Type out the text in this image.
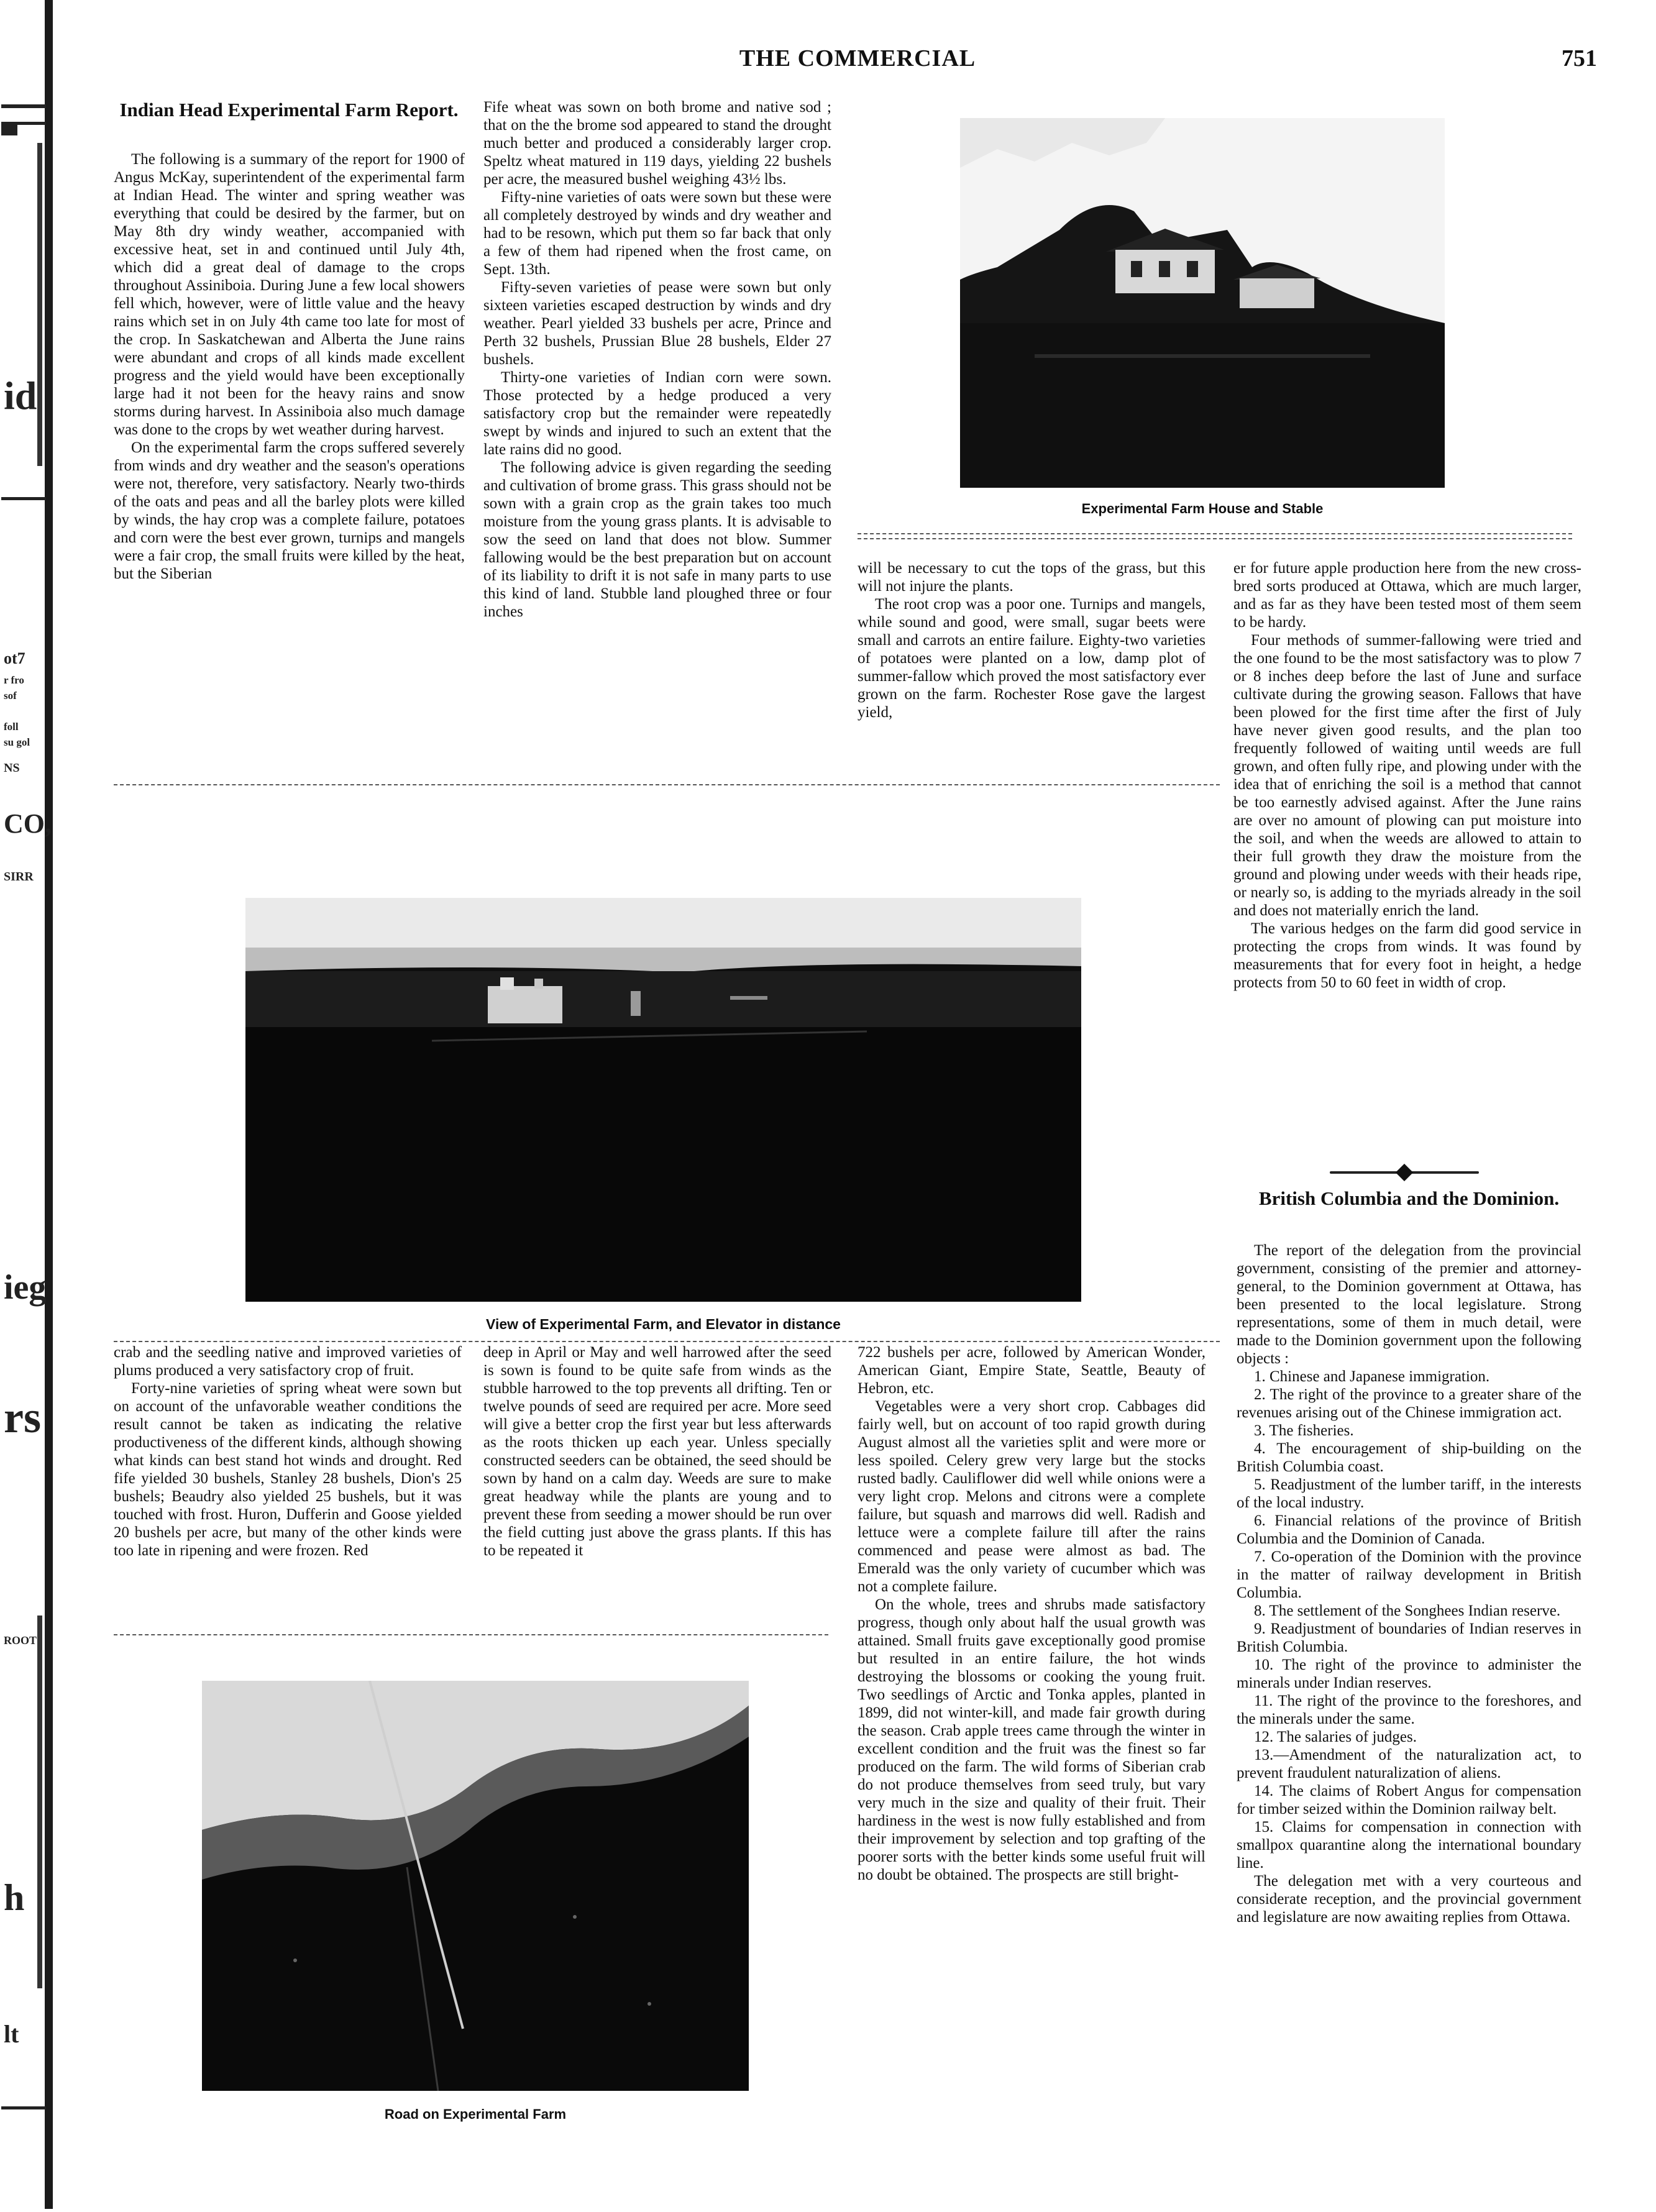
id
ot7
r fro
sof
foll
su gol
NS
CO,
SIRR
ieg
rs
ROOT
h
lt
THE COMMERCIAL	751
Indian Head Experimental Farm Report.

The following is a summary of the report for 1900 of Angus McKay, superintendent of the experimental farm at Indian Head. The winter and spring weather was everything that could be desired by the farmer, but on May 8th dry windy weather, accompanied with excessive heat, set in and continued until July 4th, which did a great deal of damage to the crops throughout Assiniboia. During June a few local showers fell which, however, were of little value and the heavy rains which set in on July 4th came too late for most of the crop. In Saskatchewan and Alberta the June rains were abundant and crops of all kinds made excellent progress and the yield would have been exceptionally large had it not been for the heavy rains and snow storms during harvest. In Assiniboia also much damage was done to the crops by wet weather during harvest.

On the experimental farm the crops suffered severely from winds and dry weather and the season's operations were not, therefore, very satisfactory. Nearly two-thirds of the oats and peas and all the barley plots were killed by winds, the hay crop was a complete failure, potatoes and corn were the best ever grown, turnips and mangels were a fair crop, the small fruits were killed by the heat, but the Siberian

Fife wheat was sown on both brome and native sod ; that on the the brome sod appeared to stand the drought much better and produced a considerably larger crop. Speltz wheat matured in 119 days, yielding 22 bushels per acre, the measured bushel weighing 43½ lbs.

Fifty-nine varieties of oats were sown but these were all completely destroyed by winds and dry weather and had to be resown, which put them so far back that only a few of them had ripened when the frost came, on Sept. 13th.

Fifty-seven varieties of pease were sown but only sixteen varieties escaped destruction by winds and dry weather. Pearl yielded 33 bushels per acre, Prince and Perth 32 bushels, Prussian Blue 28 bushels, Elder 27 bushels.

Thirty-one varieties of Indian corn were sown. Those protected by a hedge produced a very satisfactory crop but the remainder were repeatedly swept by winds and injured to such an extent that the late rains did no good.

The following advice is given regarding the seeding and cultivation of brome grass. This grass should not be sown with a grain crop as the grain takes too much moisture from the young grass plants. It is advisable to sow the seed on land that does not blow. Summer fallowing would be the best preparation but on account of its liability to drift it is not safe in many parts to use this kind of land. Stubble land ploughed three or four inches

Experimental Farm House and Stable

will be necessary to cut the tops of the grass, but this will not injure the plants.

The root crop was a poor one. Turnips and mangels, while sound and good, were small, sugar beets were small and carrots an entire failure. Eighty-two varieties of potatoes were planted on a low, damp plot of summer-fallow which proved the most satisfactory ever grown on the farm. Rochester Rose gave the largest yield,

er for future apple production here from the new cross-bred sorts produced at Ottawa, which are much larger, and as far as they have been tested most of them seem to be hardy.

Four methods of summer-fallowing were tried and the one found to be the most satisfactory was to plow 7 or 8 inches deep before the last of June and surface cultivate during the growing season. Fallows that have been plowed for the first time after the first of July have never given good results, and the plan too frequently followed of waiting until weeds are full grown, and often fully ripe, and plowing under with the idea that of enriching the soil is a method that cannot be too earnestly advised against. After the June rains are over no amount of plowing can put moisture into the soil, and when the weeds are allowed to attain to their full growth they draw the moisture from the ground and plowing under weeds with their heads ripe, or nearly so, is adding to the myriads already in the soil and does not materially enrich the land.

The various hedges on the farm did good service in protecting the crops from winds. It was found by measurements that for every foot in height, a hedge protects from 50 to 60 feet in width of crop.

View of Experimental Farm, and Elevator in distance

crab and the seedling native and improved varieties of plums produced a very satisfactory crop of fruit.

Forty-nine varieties of spring wheat were sown but on account of the unfavorable weather conditions the result cannot be taken as indicating the relative productiveness of the different kinds, although showing what kinds can best stand hot winds and drought. Red fife yielded 30 bushels, Stanley 28 bushels, Dion's 25 bushels; Beaudry also yielded 25 bushels, but it was touched with frost. Huron, Dufferin and Goose yielded 20 bushels per acre, but many of the other kinds were too late in ripening and were frozen. Red

deep in April or May and well harrowed after the seed is sown is found to be quite safe from winds as the stubble harrowed to the top prevents all drifting. Ten or twelve pounds of seed are required per acre. More seed will give a better crop the first year but less afterwards as the roots thicken up each year. Unless specially constructed seeders can be obtained, the seed should be sown by hand on a calm day. Weeds are sure to make great headway while the plants are young and to prevent these from seeding a mower should be run over the field cutting just above the grass plants. If this has to be repeated it

Road on Experimental Farm

722 bushels per acre, followed by American Wonder, American Giant, Empire State, Seattle, Beauty of Hebron, etc.

Vegetables were a very short crop. Cabbages did fairly well, but on account of too rapid growth during August almost all the varieties split and were more or less spoiled. Celery grew very large but the stocks rusted badly. Cauliflower did well while onions were a very light crop. Melons and citrons were a complete failure, but squash and marrows did well. Radish and lettuce were a complete failure till after the rains commenced and pease were almost as bad. The Emerald was the only variety of cucumber which was not a complete failure.

On the whole, trees and shrubs made satisfactory progress, though only about half the usual growth was attained. Small fruits gave exceptionally good promise but resulted in an entire failure, the hot winds destroying the blossoms or cooking the young fruit. Two seedlings of Arctic and Tonka apples, planted in 1899, did not winter-kill, and made fair growth during the season. Crab apple trees came through the winter in excellent condition and the fruit was the finest so far produced on the farm. The wild forms of Siberian crab do not produce themselves from seed truly, but vary very much in the size and quality of their fruit. Their hardiness in the west is now fully established and from their improvement by selection and top grafting of the poorer sorts with the better kinds some useful fruit will no doubt be obtained. The prospects are still bright-

British Columbia and the Dominion.

The report of the delegation from the provincial government, consisting of the premier and attorney-general, to the Dominion government at Ottawa, has been presented to the local legislature. Strong representations, some of them in much detail, were made to the Dominion government upon the following objects :

1. Chinese and Japanese immigration.

2. The right of the province to a greater share of the revenues arising out of the Chinese immigration act.

3. The fisheries.

4. The encouragement of ship-building on the British Columbia coast.

5. Readjustment of the lumber tariff, in the interests of the local industry.

6. Financial relations of the province of British Columbia and the Dominion of Canada.

7. Co-operation of the Dominion with the province in the matter of railway development in British Columbia.

8. The settlement of the Songhees Indian reserve.

9. Readjustment of boundaries of Indian reserves in British Columbia.

10. The right of the province to administer the minerals under Indian reserves.

11. The right of the province to the foreshores, and the minerals under the same.

12. The salaries of judges.

13.—Amendment of the naturalization act, to prevent fraudulent naturalization of aliens.

14. The claims of Robert Angus for compensation for timber seized within the Dominion railway belt.

15. Claims for compensation in connection with smallpox quarantine along the international boundary line.

The delegation met with a very courteous and considerate reception, and the provincial government and legislature are now awaiting replies from Ottawa.
